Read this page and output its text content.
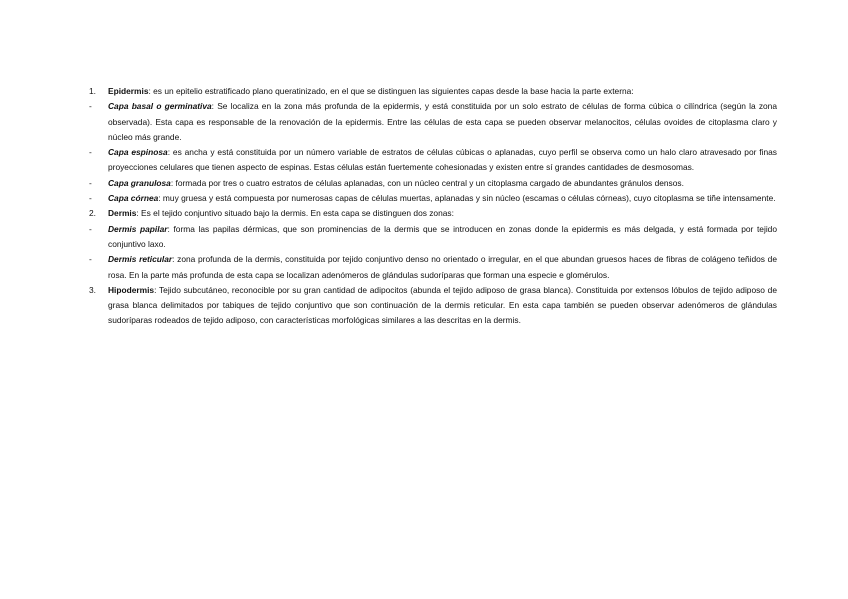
1.	Epidermis: es un epitelio estratificado plano queratinizado, en el que se distinguen las siguientes capas desde la base hacia la parte externa:
-	Capa basal o germinativa: Se localiza en la zona más profunda de la epidermis, y está constituida por un solo estrato de células de forma cúbica o cilíndrica (según la zona observada). Esta capa es responsable de la renovación de la epidermis. Entre las células de esta capa se pueden observar melanocitos, células ovoides de citoplasma claro y núcleo más grande.
-	Capa espinosa: es ancha y está constituida por un número variable de estratos de células cúbicas o aplanadas, cuyo perfil se observa como un halo claro atravesado por finas proyecciones celulares que tienen aspecto de espinas. Estas células están fuertemente cohesionadas y existen entre sí grandes cantidades de desmosomas.
-	Capa granulosa: formada por tres o cuatro estratos de células aplanadas, con un núcleo central y un citoplasma cargado de abundantes gránulos densos.
-	Capa córnea: muy gruesa y está compuesta por numerosas capas de células muertas, aplanadas y sin núcleo (escamas o células córneas), cuyo citoplasma se tiñe intensamente.
2.	Dermis: Es el tejido conjuntivo situado bajo la dermis. En esta capa se distinguen dos zonas:
-	Dermis papilar: forma las papilas dérmicas, que son prominencias de la dermis que se introducen en zonas donde la epidermis es más delgada, y está formada por tejido conjuntivo laxo.
-	Dermis reticular: zona profunda de la dermis, constituida por tejido conjuntivo denso no orientado o irregular, en el que abundan gruesos haces de fibras de colágeno teñidos de rosa. En la parte más profunda de esta capa se localizan adenómeros de glándulas sudoríparas que forman una especie e glomérulos.
3.	Hipodermis: Tejido subcutáneo, reconocible por su gran cantidad de adipocitos (abunda el tejido adiposo de grasa blanca). Constituida por extensos lóbulos de tejido adiposo de grasa blanca delimitados por tabiques de tejido conjuntivo que son continuación de la dermis reticular. En esta capa también se pueden observar adenómeros de glándulas sudoríparas rodeados de tejido adiposo, con características morfológicas similares a las descritas en la dermis.
